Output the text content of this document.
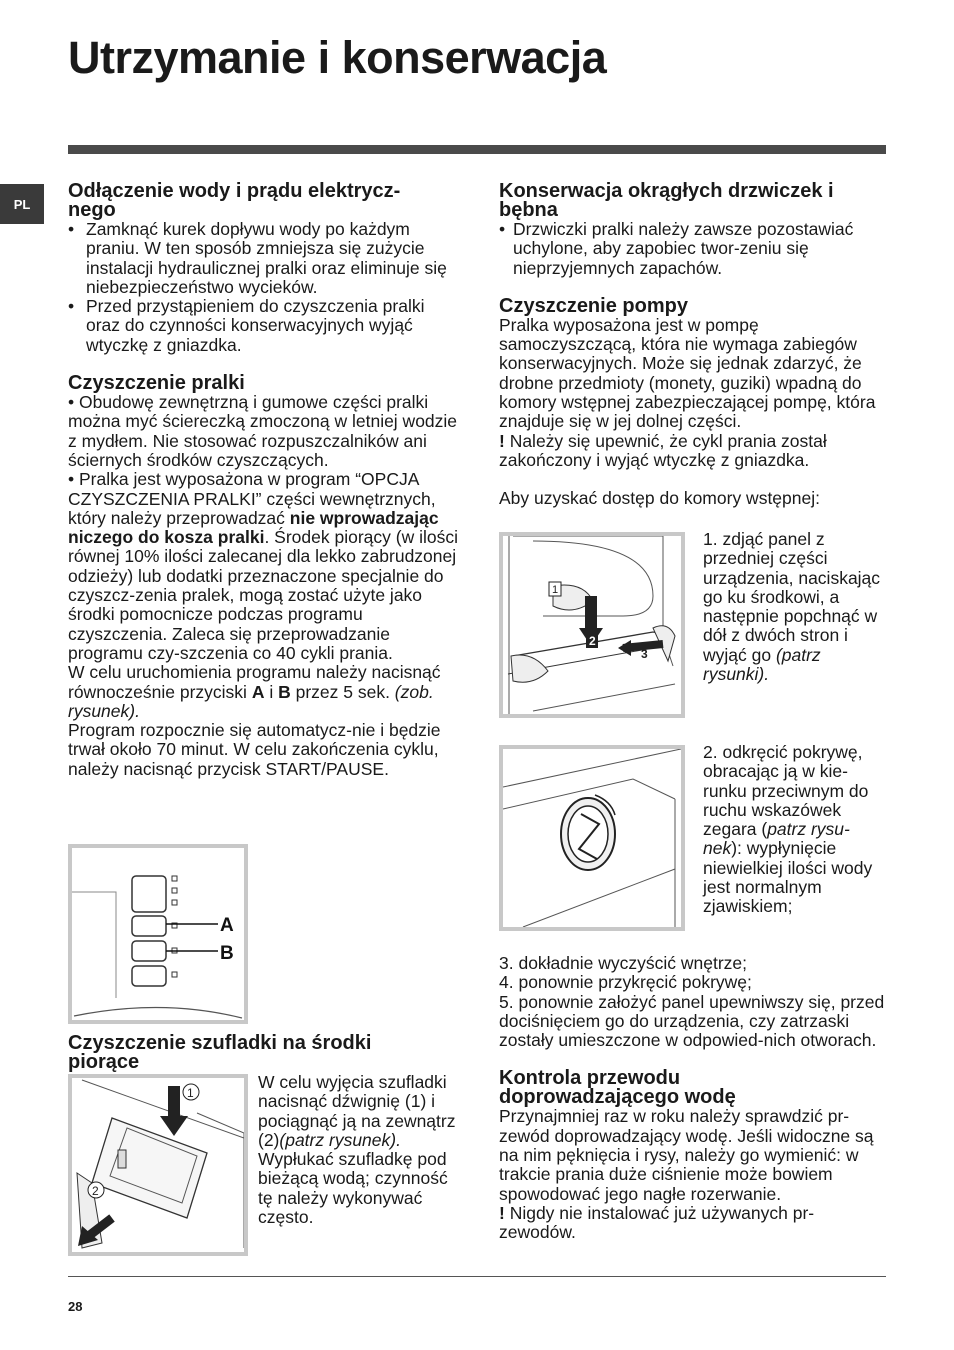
Utrzymanie i konserwacja
PL
Odłączenie wody i prądu elektrycz-nego
• Zamknąć kurek dopływu wody po każdym praniu. W ten sposób zmniejsza się zużycie instalacji hydraulicznej pralki oraz eliminuje się niebezpieczeństwo wycieków.
• Przed przystąpieniem do czyszczenia pralki oraz do czynności konserwacyjnych wyjąć wtyczkę z gniazdka.
Czyszczenie pralki

• Obudowę zewnętrzną i gumowe części pralki można myć ściereczką zmoczoną w letniej wodzie z mydłem. Nie stosować rozpuszczalników ani ściernych środków czyszczących.

• Pralka jest wyposażona w program “OPCJA CZYSZCZENIA PRALKI” części wewnętrznych, który należy przeprowadzać nie wprowadzając niczego do kosza pralki. Środek piorący (w ilości równej 10% ilości zalecanej dla lekko zabrudzonej odzieży) lub dodatki przeznaczone specjalnie do czyszcz-zenia pralek, mogą zostać użyte jako środki pomocnicze podczas programu czyszczenia. Zaleca się przeprowadzanie programu czy-szczenia co 40 cykli prania.

W celu uruchomienia programu należy nacisnąć równocześnie przyciski A i B przez 5 sek. (zob. rysunek).

Program rozpocznie się automatycz-nie i będzie trwał około 70 minut. W celu zakończenia cyklu, należy nacisnąć przycisk START/PAUSE.

A
B
Czyszczenie szufladki na środki piorące
1
2

W celu wyjęcia szufladki nacisnąć dźwignię (1) i pociągnąć ją na zewnątrz (2)(patrz rysunek).

Wypłukać szufladkę pod bieżącą wodą; czynność tę należy wykonywać często.

Konserwacja okrągłych drzwiczek i bębna
• Drzwiczki pralki należy zawsze pozostawiać uchylone, aby zapobiec twor-zeniu się nieprzyjemnych zapachów.
Czyszczenie pompy

Pralka wyposażona jest w pompę samoczyszczącą, która nie wymaga zabiegów konserwacyjnych. Może się jednak zdarzyć, że drobne przedmioty (monety, guziki) wpadną do komory wstępnej zabezpieczającej pompę, która znajduje się w jej dolnej części.

! Należy się upewnić, że cykl prania został zakończony i wyjąć wtyczkę z gniazdka.

Aby uzyskać dostęp do komory wstępnej:

1
2
3

1. zdjąć panel z przedniej części urządzenia, naciskając go ku środkowi, a następnie popchnąć w dół z dwóch stron i wyjąć go (patrz rysunki).

2. odkręcić pokrywę, obracając ją w kie-runku przeciwnym do ruchu wskazówek zegara (patrz rysu-nek): wypłynięcie niewielkiej ilości wody jest normalnym zjawiskiem;

3. dokładnie wyczyścić wnętrze;
4. ponownie przykręcić pokrywę;
5. ponownie założyć panel upewniwszy się, przed dociśnięciem go do urządzenia, czy zatrzaski zostały umieszczone w odpowied-nich otworach.
Kontrola przewodu doprowadzającego wodę

Przynajmniej raz w roku należy sprawdzić pr-zewód doprowadzający wodę. Jeśli widoczne są na nim pęknięcia i rysy, należy go wymienić: w trakcie prania duże ciśnienie może bowiem spowodować jego nagłe rozerwanie.

! Nigdy nie instalować już używanych pr-zewodów.

28
